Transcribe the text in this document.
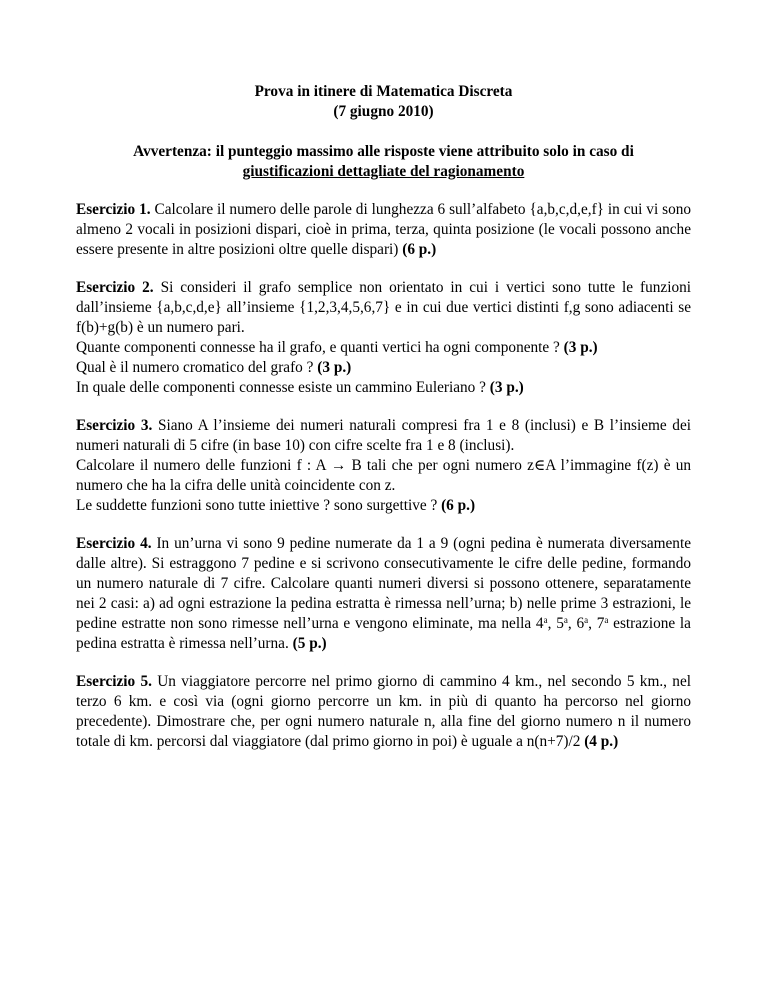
Prova in itinere di Matematica Discreta
(7 giugno 2010)
Avvertenza: il punteggio massimo alle risposte viene attribuito solo in caso di
giustificazioni dettagliate del ragionamento
Esercizio 1. Calcolare il numero delle parole di lunghezza 6 sull’alfabeto {a,b,c,d,e,f} in cui vi sono almeno 2 vocali in posizioni dispari, cioè in prima, terza, quinta posizione (le vocali possono anche essere presente in altre posizioni oltre quelle dispari) (6 p.)
Esercizio 2. Si consideri il grafo semplice non orientato in cui i vertici sono tutte le funzioni dall’insieme {a,b,c,d,e} all’insieme {1,2,3,4,5,6,7} e in cui due vertici distinti f,g sono adiacenti se f(b)+g(b) è un numero pari.
Quante componenti connesse ha il grafo, e quanti vertici ha ogni componente ? (3 p.)
Qual è il numero cromatico del grafo ? (3 p.)
In quale delle componenti connesse esiste un cammino Euleriano ? (3 p.)
Esercizio 3. Siano A l’insieme dei numeri naturali compresi fra 1 e 8 (inclusi) e B l’insieme dei numeri naturali di 5 cifre (in base 10) con cifre scelte fra 1 e 8 (inclusi).
Calcolare il numero delle funzioni f : A → B tali che per ogni numero z∈A l’immagine f(z) è un numero che ha la cifra delle unità coincidente con z.
Le suddette funzioni sono tutte iniettive ? sono surgettive ? (6 p.)
Esercizio 4. In un’urna vi sono 9 pedine numerate da 1 a 9 (ogni pedina è numerata diversamente dalle altre). Si estraggono 7 pedine e si scrivono consecutivamente le cifre delle pedine, formando un numero naturale di 7 cifre. Calcolare quanti numeri diversi si possono ottenere, separatamente nei 2 casi: a) ad ogni estrazione la pedina estratta è rimessa nell’urna; b) nelle prime 3 estrazioni, le pedine estratte non sono rimesse nell’urna e vengono eliminate, ma nella 4$^a$, 5$^a$, 6$^a$, 7$^a$ estrazione la pedina estratta è rimessa nell’urna. (5 p.)
Esercizio 5. Un viaggiatore percorre nel primo giorno di cammino 4 km., nel secondo 5 km., nel terzo 6 km. e così via (ogni giorno percorre un km. in più di quanto ha percorso nel giorno precedente). Dimostrare che, per ogni numero naturale n, alla fine del giorno numero n il numero totale di km. percorsi dal viaggiatore (dal primo giorno in poi) è uguale a n(n+7)/2 (4 p.)
